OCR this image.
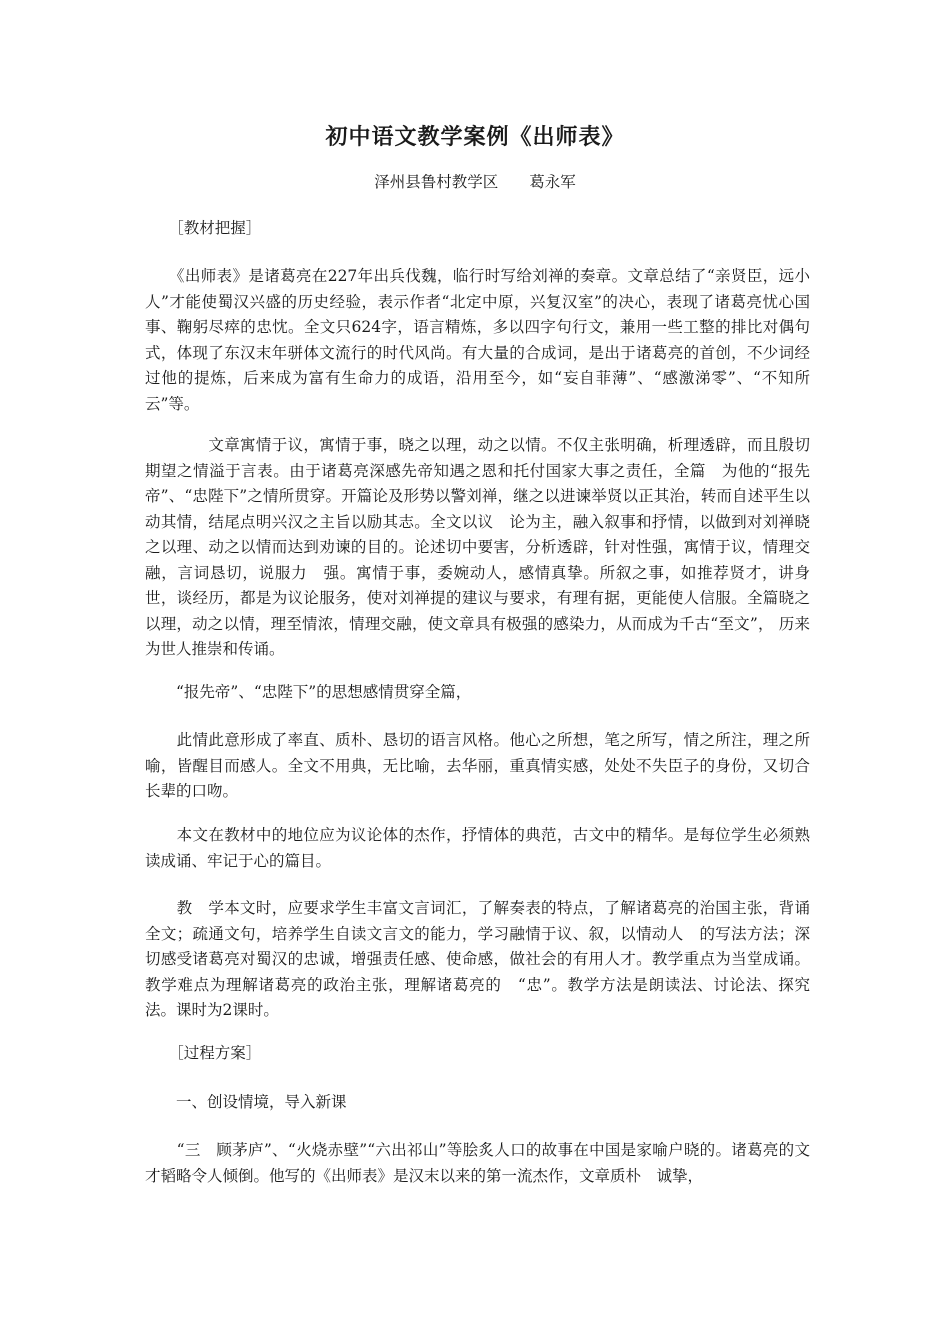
初中语文教学案例《出师表》
泽州县鲁村教学区　　葛永军

　　［教材把握］

　　《出师表》是诸葛亮在227年出兵伐魏，临行时写给刘禅的奏章。文章总结了“亲贤臣，远小人”才能使蜀汉兴盛的历史经验，表示作者“北定中原，兴复汉室”的决心，表现了诸葛亮忧心国事、鞠躬尽瘁的忠忱。全文只624字，语言精炼，多以四字句行文，兼用一些工整的排比对偶句式，体现了东汉末年骈体文流行的时代风尚。有大量的合成词，是出于诸葛亮的首创，不少词经过他的提炼，后来成为富有生命力的成语，沿用至今，如“妄自菲薄”、“感激涕零”、“不知所云”等。

　　　　文章寓情于议，寓情于事，晓之以理，动之以情。不仅主张明确，析理透辟，而且殷切期望之情溢于言表。由于诸葛亮深感先帝知遇之恩和托付国家大事之责任，全篇　为他的“报先帝”、“忠陛下”之情所贯穿。开篇论及形势以警刘禅，继之以进谏举贤以正其治，转而自述平生以动其情，结尾点明兴汉之主旨以励其志。全文以议　论为主，融入叙事和抒情，以做到对刘禅晓之以理、动之以情而达到劝谏的目的。论述切中要害，分析透辟，针对性强，寓情于议，情理交融，言词恳切，说服力　强。寓情于事，委婉动人，感情真挚。所叙之事，如推荐贤才，讲身世，谈经历，都是为议论服务，使对刘禅提的建议与要求，有理有据，更能使人信服。全篇晓之　以理，动之以情，理至情浓，情理交融，使文章具有极强的感染力，从而成为千古“至文”， 历来为世人推崇和传诵。

　　“报先帝”、“忠陛下”的思想感情贯穿全篇，

　　此情此意形成了率直、质朴、恳切的语言风格。他心之所想，笔之所写，情之所注，理之所喻，皆醒目而感人。全文不用典，无比喻，去华丽，重真情实感，处处不失臣子的身份，又切合长辈的口吻。

　　本文在教材中的地位应为议论体的杰作，抒情体的典范，古文中的精华。是每位学生必须熟读成诵、牢记于心的篇目。

　　教　学本文时，应要求学生丰富文言词汇，了解奏表的特点，了解诸葛亮的治国主张，背诵全文；疏通文句，培养学生自读文言文的能力，学习融情于议、叙，以情动人　的写法方法；深切感受诸葛亮对蜀汉的忠诚，增强责任感、使命感，做社会的有用人才。教学重点为当堂成诵。教学难点为理解诸葛亮的政治主张，理解诸葛亮的　“忠”。教学方法是朗读法、讨论法、探究法。课时为2课时。

　　［过程方案］

　　一、创设情境，导入新课

　　“三　顾茅庐”、“火烧赤壁”“六出祁山”等脍炙人口的故事在中国是家喻户晓的。诸葛亮的文才韬略令人倾倒。他写的《出师表》是汉末以来的第一流杰作，文章质朴　诚挚，
